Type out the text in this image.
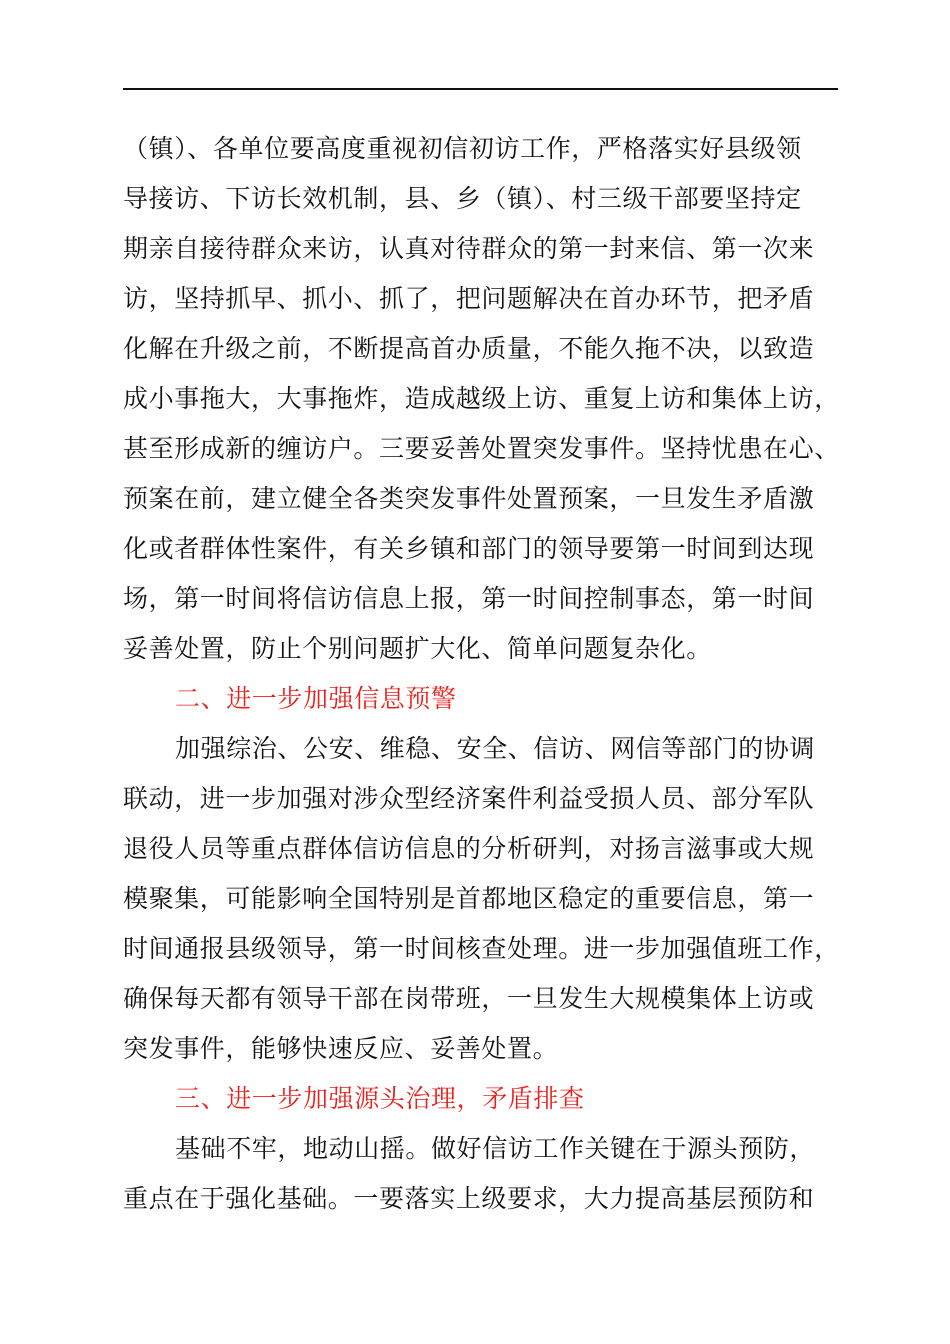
（镇）、各单位要高度重视初信初访工作，严格落实好县级领
导接访、下访长效机制，县、乡（镇）、村三级干部要坚持定
期亲自接待群众来访，认真对待群众的第一封来信、第一次来
访，坚持抓早、抓小、抓了，把问题解决在首办环节，把矛盾
化解在升级之前，不断提高首办质量，不能久拖不决，以致造
成小事拖大，大事拖炸，造成越级上访、重复上访和集体上访，
甚至形成新的缠访户。三要妥善处置突发事件。坚持忧患在心、
预案在前，建立健全各类突发事件处置预案，一旦发生矛盾激
化或者群体性案件，有关乡镇和部门的领导要第一时间到达现
场，第一时间将信访信息上报，第一时间控制事态，第一时间
妥善处置，防止个别问题扩大化、简单问题复杂化。
二、进一步加强信息预警
加强综治、公安、维稳、安全、信访、网信等部门的协调
联动，进一步加强对涉众型经济案件利益受损人员、部分军队
退役人员等重点群体信访信息的分析研判，对扬言滋事或大规
模聚集，可能影响全国特别是首都地区稳定的重要信息，第一
时间通报县级领导，第一时间核查处理。进一步加强值班工作，
确保每天都有领导干部在岗带班，一旦发生大规模集体上访或
突发事件，能够快速反应、妥善处置。
三、进一步加强源头治理，矛盾排查
基础不牢，地动山摇。做好信访工作关键在于源头预防，
重点在于强化基础。一要落实上级要求，大力提高基层预防和
